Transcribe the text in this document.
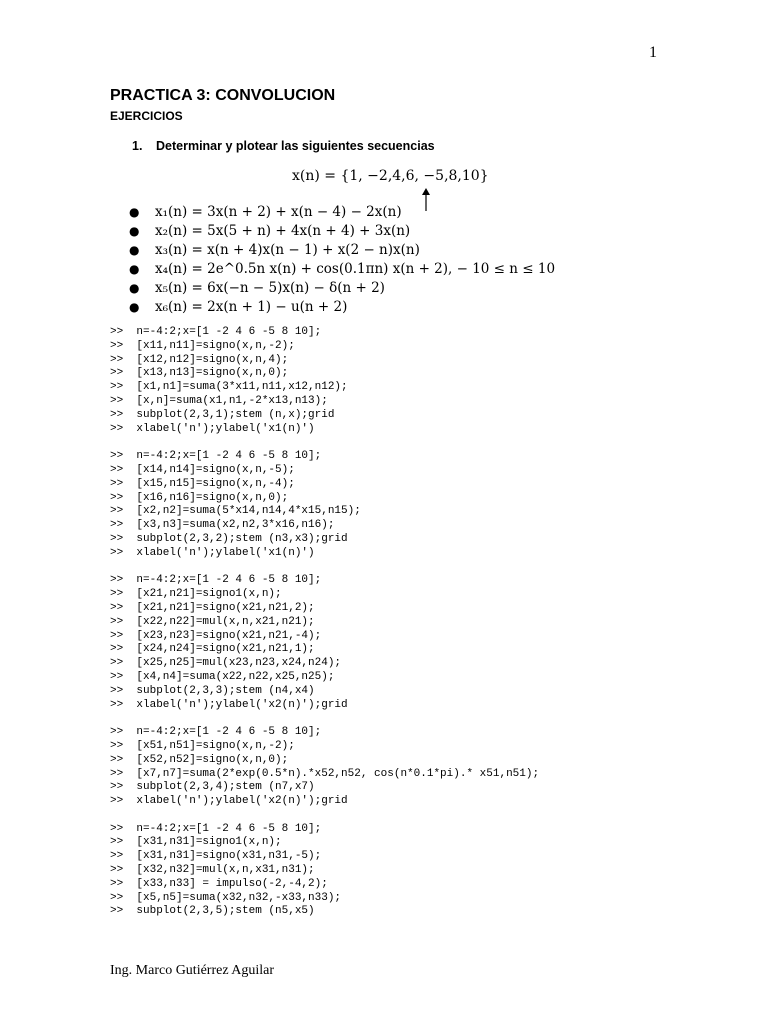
1
PRACTICA 3: CONVOLUCION
EJERCICIOS
1. Determinar y plotear las siguientes secuencias
x(n) = {1, −2,4,6, −5,8,10}
● x₁(n) = 3x(n + 2) + x(n − 4) − 2x(n)
● x₂(n) = 5x(5 + n) + 4x(n + 4) + 3x(n)
● x₃(n) = x(n + 4)x(n − 1) + x(2 − n)x(n)
● x₄(n) = 2e^0.5n x(n) + cos(0.1πn) x(n + 2), − 10 ≤ n ≤ 10
● x₅(n) = 6x(−n − 5)x(n) − δ(n + 2)
● x₆(n) = 2x(n + 1) − u(n + 2)
>>  n=-4:2;x=[1 -2 4 6 -5 8 10];
>>  [x11,n11]=signo(x,n,-2);
>>  [x12,n12]=signo(x,n,4);
>>  [x13,n13]=signo(x,n,0);
>>  [x1,n1]=suma(3*x11,n11,x12,n12);
>>  [x,n]=suma(x1,n1,-2*x13,n13);
>>  subplot(2,3,1);stem (n,x);grid
>>  xlabel('n');ylabel('x1(n)')
>>  n=-4:2;x=[1 -2 4 6 -5 8 10];
>>  [x14,n14]=signo(x,n,-5);
>>  [x15,n15]=signo(x,n,-4);
>>  [x16,n16]=signo(x,n,0);
>>  [x2,n2]=suma(5*x14,n14,4*x15,n15);
>>  [x3,n3]=suma(x2,n2,3*x16,n16);
>>  subplot(2,3,2);stem (n3,x3);grid
>>  xlabel('n');ylabel('x1(n)')
>>  n=-4:2;x=[1 -2 4 6 -5 8 10];
>>  [x21,n21]=signo1(x,n);
>>  [x21,n21]=signo(x21,n21,2);
>>  [x22,n22]=mul(x,n,x21,n21);
>>  [x23,n23]=signo(x21,n21,-4);
>>  [x24,n24]=signo(x21,n21,1);
>>  [x25,n25]=mul(x23,n23,x24,n24);
>>  [x4,n4]=suma(x22,n22,x25,n25);
>>  subplot(2,3,3);stem (n4,x4)
>>  xlabel('n');ylabel('x2(n)');grid
>>  n=-4:2;x=[1 -2 4 6 -5 8 10];
>>  [x51,n51]=signo(x,n,-2);
>>  [x52,n52]=signo(x,n,0);
>>  [x7,n7]=suma(2*exp(0.5*n).*x52,n52, cos(n*0.1*pi).* x51,n51);
>>  subplot(2,3,4);stem (n7,x7)
>>  xlabel('n');ylabel('x2(n)');grid
>>  n=-4:2;x=[1 -2 4 6 -5 8 10];
>>  [x31,n31]=signo1(x,n);
>>  [x31,n31]=signo(x31,n31,-5);
>>  [x32,n32]=mul(x,n,x31,n31);
>>  [x33,n33] = impulso(-2,-4,2);
>>  [x5,n5]=suma(x32,n32,-x33,n33);
>>  subplot(2,3,5);stem (n5,x5)
Ing. Marco Gutiérrez Aguilar
